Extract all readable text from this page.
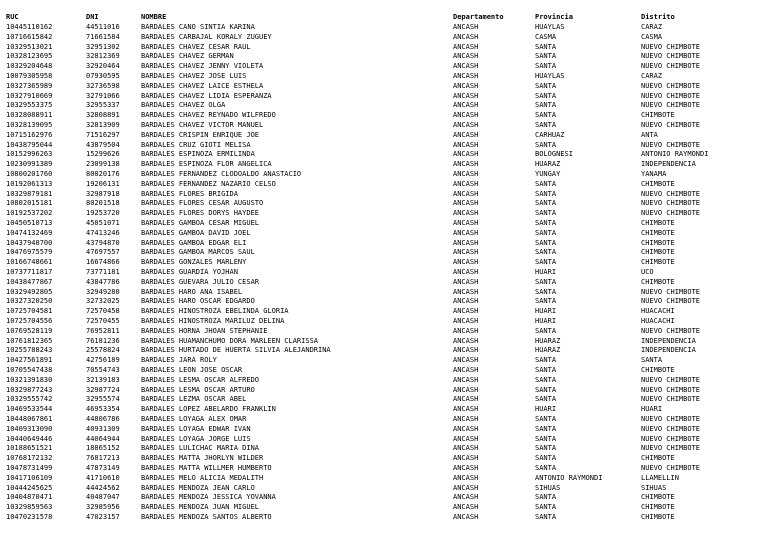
RUC	DNI	NOMBRE	Departamento	Provincia	Distrito
10445110162	44511016	BARDALES CANO SINTIA KARINA	ANCASH	HUAYLAS	CARAZ
10716615842	71661584	BARDALES CARBAJAL KORALY ZUGUEY	ANCASH	CASMA	CASMA
10329513021	32951302	BARDALES CHAVEZ CESAR RAUL	ANCASH	SANTA	NUEVO CHIMBOTE
10328123695	32812369	BARDALES CHAVEZ GERMAN	ANCASH	SANTA	NUEVO CHIMBOTE
10329204648	32920464	BARDALES CHAVEZ JENNY VIOLETA	ANCASH	SANTA	NUEVO CHIMBOTE
10079305958	07930595	BARDALES CHAVEZ JOSE LUIS	ANCASH	HUAYLAS	CARAZ
10327365989	32736598	BARDALES CHAVEZ LAICE ESTHELA	ANCASH	SANTA	NUEVO CHIMBOTE
10327910669	32791066	BARDALES CHAVEZ LIDIA ESPERANZA	ANCASH	SANTA	NUEVO CHIMBOTE
10329553375	32955337	BARDALES CHAVEZ OLGA	ANCASH	SANTA	NUEVO CHIMBOTE
10328088911	32808891	BARDALES CHAVEZ REYNADO WILFREDO	ANCASH	SANTA	CHIMBOTE
10328139095	32813909	BARDALES CHAVEZ VICTOR MANUEL	ANCASH	SANTA	NUEVO CHIMBOTE
10715162976	71516297	BARDALES CRISPIN ENRIQUE JOE	ANCASH	CARHUAZ	ANTA
10438795044	43879504	BARDALES CRUZ GIOTI MELISA	ANCASH	SANTA	NUEVO CHIMBOTE
10152996263	15299626	BARDALES ESPINOZA ERMILINDA	ANCASH	BOLOGNESI	ANTONIO RAYMONDI
10230991389	23099138	BARDALES ESPINOZA FLOR ANGELICA	ANCASH	HUARAZ	INDEPENDENCIA
10800201760	80020176	BARDALES FERNANDEZ CLODOALDO ANASTACIO	ANCASH	YUNGAY	YANAMA
10192061313	19206131	BARDALES FERNANDEZ NAZARIO CELSO	ANCASH	SANTA	CHIMBOTE
10329879181	32987918	BARDALES FLORES BRIGIDA	ANCASH	SANTA	NUEVO CHIMBOTE
10802015181	80201518	BARDALES FLORES CESAR AUGUSTO	ANCASH	SANTA	NUEVO CHIMBOTE
10192537202	19253720	BARDALES FLORES DORYS HAYDEE	ANCASH	SANTA	NUEVO CHIMBOTE
10450510713	45051071	BARDALES GAMBOA CESAR MIGUEL	ANCASH	SANTA	CHIMBOTE
10474132469	47413246	BARDALES GAMBOA DAVID JOEL	ANCASH	SANTA	CHIMBOTE
10437948700	43794870	BARDALES GAMBOA EDGAR ELI	ANCASH	SANTA	CHIMBOTE
10476975579	47697557	BARDALES GAMBOA MARCOS SAUL	ANCASH	SANTA	CHIMBOTE
10166748661	16674866	BARDALES GONZALES MARLENY	ANCASH	SANTA	CHIMBOTE
10737711817	73771181	BARDALES GUARDIA YOJHAN	ANCASH	HUARI	UCO
10438477867	43847786	BARDALES GUEVARA JULIO CESAR	ANCASH	SANTA	CHIMBOTE
10329492805	32949280	BARDALES HARO ANA ISABEL	ANCASH	SANTA	NUEVO CHIMBOTE
10327320250	32732025	BARDALES HARO OSCAR EDGARDO	ANCASH	SANTA	NUEVO CHIMBOTE
10725704581	72570458	BARDALES HINOSTROZA EBELINDA GLORIA	ANCASH	HUARI	HUACACHI
10725704556	72570455	BARDALES HINOSTROZA MARILUZ DELINA	ANCASH	HUARI	HUACACHI
10769528119	76952811	BARDALES HORNA JHOAN STEPHANIE	ANCASH	SANTA	NUEVO CHIMBOTE
10761812365	76181236	BARDALES HUAMANCHUMO DORA MARLEEN CLARISSA	ANCASH	HUARAZ	INDEPENDENCIA
10255788243	25578824	BARDALES HURTADO DE HUERTA SILVIA ALEJANDRINA	ANCASH	HUARAZ	INDEPENDENCIA
10427561891	42756189	BARDALES JARA ROLY	ANCASH	SANTA	SANTA
10705547438	70554743	BARDALES LEON JOSE OSCAR	ANCASH	SANTA	CHIMBOTE
10321391830	32139183	BARDALES LESMA OSCAR ALFREDO	ANCASH	SANTA	NUEVO CHIMBOTE
10329877243	32987724	BARDALES LESMA OSCAR ARTURO	ANCASH	SANTA	NUEVO CHIMBOTE
10329555742	32955574	BARDALES LEZMA OSCAR ABEL	ANCASH	SANTA	NUEVO CHIMBOTE
10469533544	46953354	BARDALES LOPEZ ABELARDO FRANKLIN	ANCASH	HUARI	HUARI
10448067861	44806786	BARDALES LOYAGA ALEX OMAR	ANCASH	SANTA	NUEVO CHIMBOTE
10409313090	40931309	BARDALES LOYAGA EDWAR IVAN	ANCASH	SANTA	NUEVO CHIMBOTE
10440649446	44064944	BARDALES LOYAGA JORGE LUIS	ANCASH	SANTA	NUEVO CHIMBOTE
10188651521	18865152	BARDALES LULICHAC MARIA DINA	ANCASH	SANTA	NUEVO CHIMBOTE
10768172132	76817213	BARDALES MATTA JHORLYN WILDER	ANCASH	SANTA	CHIMBOTE
10478731499	47873149	BARDALES MATTA WILLMER HUMBERTO	ANCASH	SANTA	NUEVO CHIMBOTE
10417106109	41710610	BARDALES MELO ALICIA MEDALITH	ANCASH	ANTONIO RAYMONDI	LLAMELLIN
10444245625	44424562	BARDALES MENDOZA JEAN CARLO	ANCASH	SIHUAS	SIHUAS
10404870471	40487047	BARDALES MENDOZA JESSICA YOVANNA	ANCASH	SANTA	CHIMBOTE
10329859563	32985956	BARDALES MENDOZA JUAN MIGUEL	ANCASH	SANTA	CHIMBOTE
10470231578	47023157	BARDALES MENDOZA SANTOS ALBERTO	ANCASH	SANTA	CHIMBOTE
